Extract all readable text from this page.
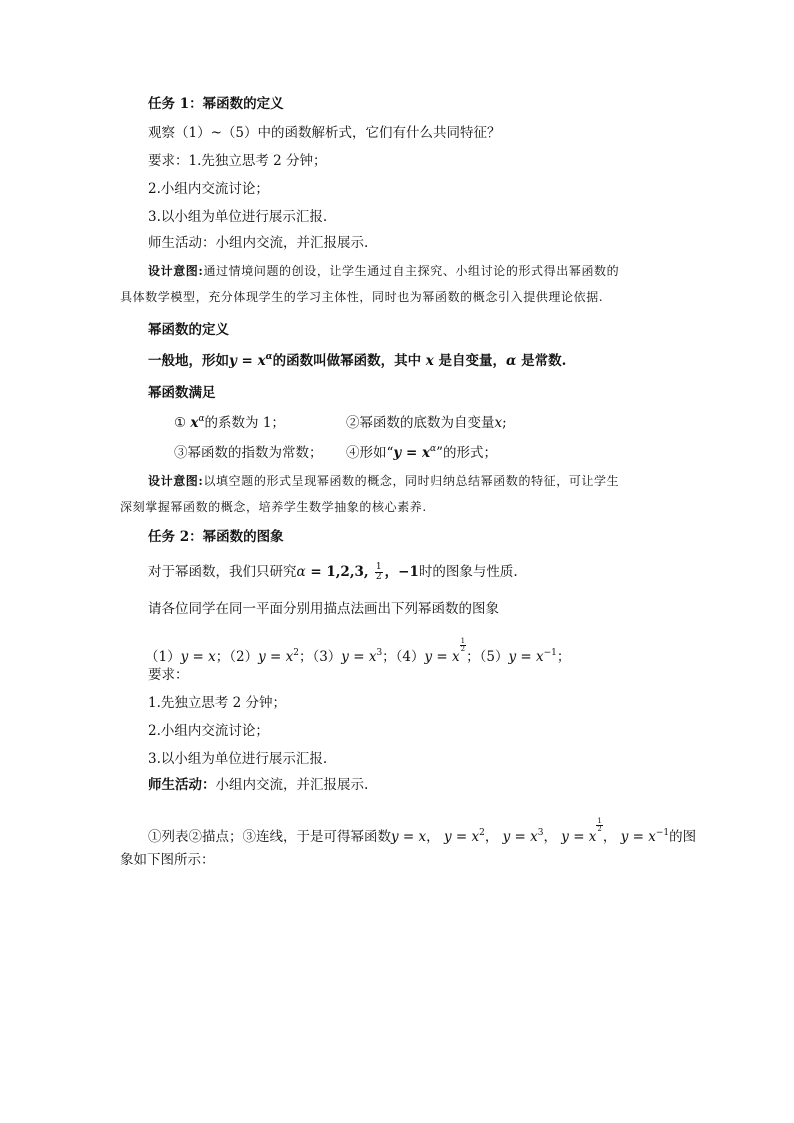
任务 1：幂函数的定义
观察（1）~（5）中的函数解析式，它们有什么共同特征？
要求：1.先独立思考 2 分钟；
2.小组内交流讨论；
3.以小组为单位进行展示汇报.
师生活动：小组内交流，并汇报展示.
设计意图:通过情境问题的创设，让学生通过自主探究、小组讨论的形式得出幂函数的
具体数学模型，充分体现学生的学习主体性，同时也为幂函数的概念引入提供理论依据.
幂函数的定义
一般地，形如$y = x^\alpha$的函数叫做幂函数，其中 x 是自变量，α 是常数.
幂函数满足
① $x^\alpha$的系数为 1；	②幂函数的底数为自变量x;
③幂函数的指数为常数； ④形如“$y = x^\alpha$”的形式；
设计意图:以填空题的形式呈现幂函数的概念，同时归纳总结幂函数的特征，可让学生
深刻掌握幂函数的概念，培养学生数学抽象的核心素养.
任务 2：幂函数的图象
对于幂函数，我们只研究α = 1,2,3, $\frac{1}{2}$ ，−1时的图象与性质.
请各位同学在同一平面分别用描点法画出下列幂函数的图象
（1）y = x；$(2)y = x^2$；$(3)y = x^3$；（4）y = x
$\frac{1}{2}$
；$(5)y = x^{-1}$；
要求：
1.先独立思考 2 分钟；
2.小组内交流讨论；
3.以小组为单位进行展示汇报.
师生活动：小组内交流，并汇报展示.
①列表②描点；③连线，于是可得幂函数y = x， $y = x^2$， $y = x^3$， y = x
$\frac{1}{2}$
， $y = x^{-1}$的图
象如下图所示：
